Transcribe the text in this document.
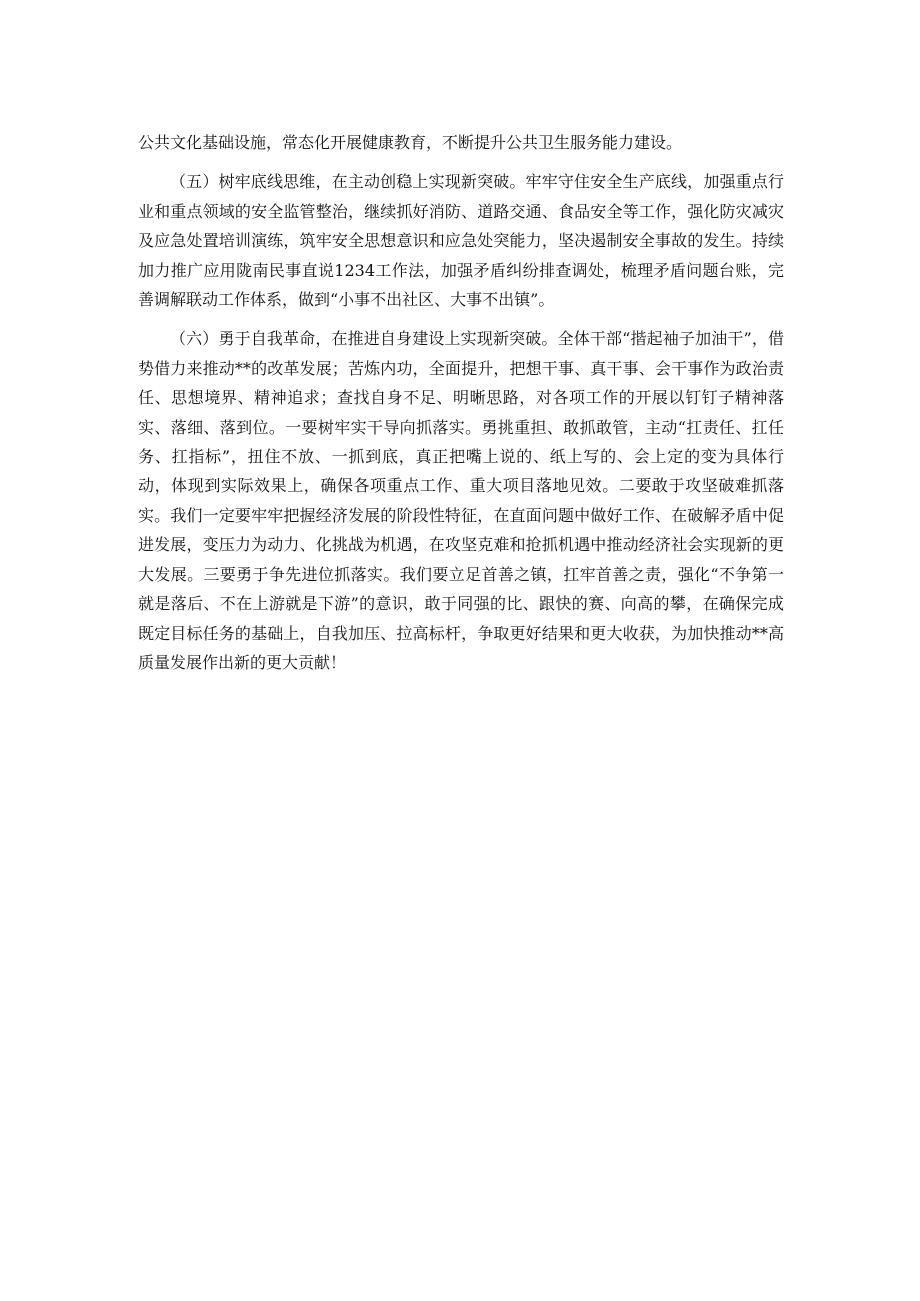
公共文化基础设施，常态化开展健康教育，不断提升公共卫生服务能力建设。

（五）树牢底线思维，在主动创稳上实现新突破。牢牢守住安全生产底线，加强重点行业和重点领域的安全监管整治，继续抓好消防、道路交通、食品安全等工作，强化防灾减灾及应急处置培训演练，筑牢安全思想意识和应急处突能力，坚决遏制安全事故的发生。持续加力推广应用陇南民事直说1234工作法，加强矛盾纠纷排查调处，梳理矛盾问题台账，完善调解联动工作体系，做到“小事不出社区、大事不出镇”。

（六）勇于自我革命，在推进自身建设上实现新突破。全体干部“揩起袖子加油干”，借势借力来推动**的改革发展；苦炼内功，全面提升，把想干事、真干事、会干事作为政治责任、思想境界、精神追求；查找自身不足、明晰思路，对各项工作的开展以钉钉子精神落实、落细、落到位。一要树牢实干导向抓落实。勇挑重担、敢抓敢管，主动“扛责任、扛任务、扛指标”，扭住不放、一抓到底，真正把嘴上说的、纸上写的、会上定的变为具体行动，体现到实际效果上，确保各项重点工作、重大项目落地见效。二要敢于攻坚破难抓落实。我们一定要牢牢把握经济发展的阶段性特征，在直面问题中做好工作、在破解矛盾中促进发展，变压力为动力、化挑战为机遇，在攻坚克难和抢抓机遇中推动经济社会实现新的更大发展。三要勇于争先进位抓落实。我们要立足首善之镇，扛牢首善之责，强化“不争第一就是落后、不在上游就是下游”的意识，敢于同强的比、跟快的赛、向高的攀，在确保完成既定目标任务的基础上，自我加压、拉高标杆，争取更好结果和更大收获，为加快推动**高质量发展作出新的更大贡献！
